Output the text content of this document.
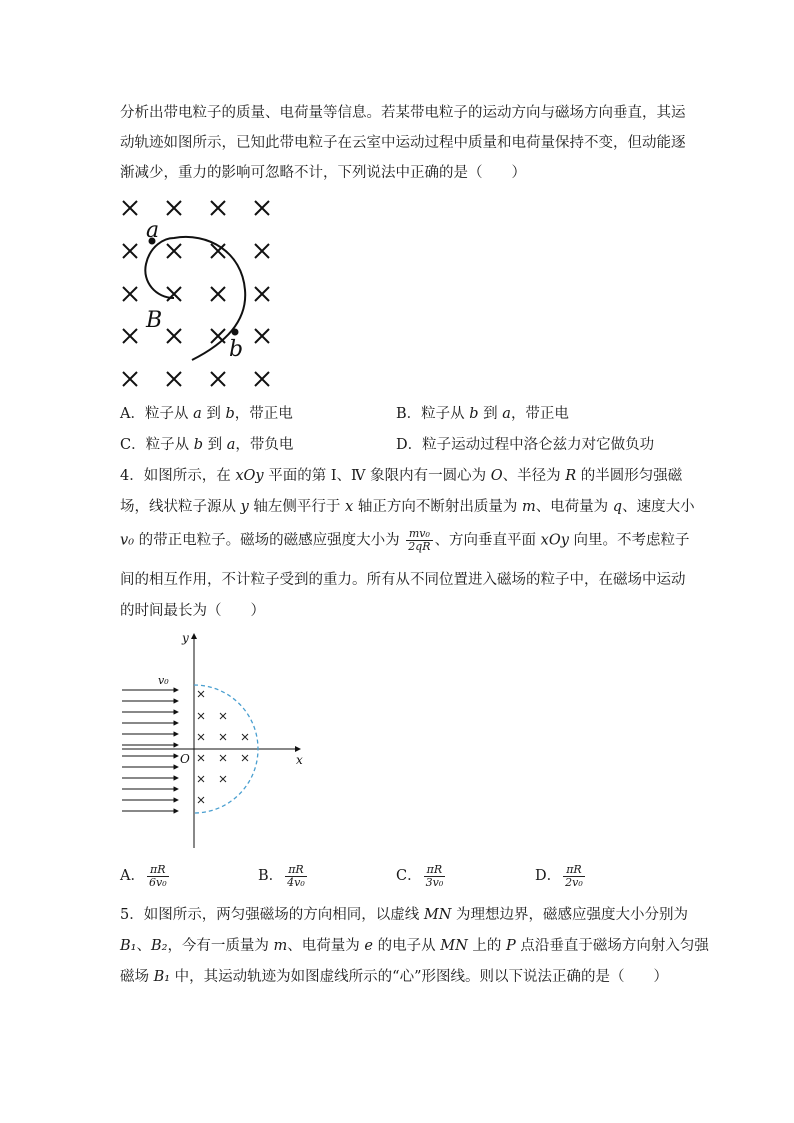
分析出带电粒子的质量、电荷量等信息。若某带电粒子的运动方向与磁场方向垂直，其运
动轨迹如图所示，已知此带电粒子在云室中运动过程中质量和电荷量保持不变，但动能逐
渐减少，重力的影响可忽略不计，下列说法中正确的是（　　）
a
b
B
A．粒子从 a 到 b，带正电	B．粒子从 b 到 a，带正电
C．粒子从 b 到 a，带负电	D．粒子运动过程中洛仑兹力对它做负功
4．如图所示，在 xOy 平面的第 Ⅰ、Ⅳ 象限内有一圆心为 O、半径为 R 的半圆形匀强磁
场，线状粒子源从 y 轴左侧平行于 x 轴正方向不断射出质量为 m、电荷量为 q、速度大小
v₀ 的带正电粒子。磁场的磁感应强度大小为 $\frac{\text{mv₀}}{2qR}$ 、方向垂直平面 xOy 向里。不考虑粒子
间的相互作用，不计粒子受到的重力。所有从不同位置进入磁场的粒子中，在磁场中运动
的时间最长为（　　）
y
x
O
v₀
A． $\frac{\pi R}{\text{6v₀}}$	B． $\frac{\pi R}{\text{4v₀}}$	C． $\frac{\pi R}{\text{3v₀}}$	D． $\frac{\pi R}{\text{2v₀}}$
5．如图所示，两匀强磁场的方向相同，以虚线 MN 为理想边界，磁感应强度大小分别为
B₁、B₂，今有一质量为 m、电荷量为 e 的电子从 MN 上的 P 点沿垂直于磁场方向射入匀强
磁场 B₁ 中，其运动轨迹为如图虚线所示的“心”形图线。则以下说法正确的是（　　）
